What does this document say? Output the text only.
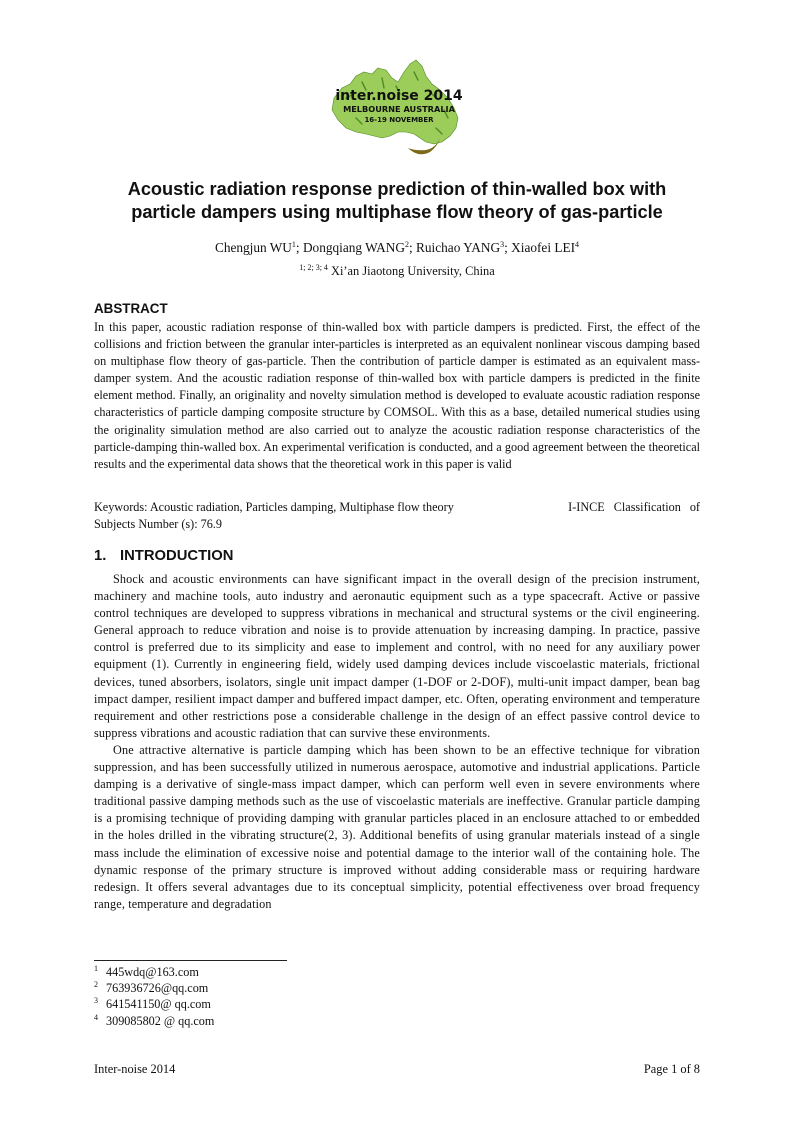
inter.noise 2014
MELBOURNE AUSTRALIA
16-19 NOVEMBER
Acoustic radiation response prediction of thin-walled box with particle dampers using multiphase flow theory of gas-particle
Chengjun $WU^1$; Dongqiang WANG$^2$; Ruichao YANG$^3$; Xiaofei LEI$^4$
$^{1; 2; 3; 4}$ Xi’an Jiaotong University, China
ABSTRACT

In this paper, acoustic radiation response of thin-walled box with particle dampers is predicted. First, the effect of the collisions and friction between the granular inter-particles is interpreted as an equivalent nonlinear viscous damping based on multiphase flow theory of gas-particle. Then the contribution of particle damper is estimated as an equivalent mass-damper system. And the acoustic radiation response of thin-walled box with particle dampers is predicted in the finite element method. Finally, an originality and novelty simulation method is developed to evaluate acoustic radiation response characteristics of particle damping composite structure by COMSOL. With this as a base, detailed numerical studies using the originality simulation method are also carried out to analyze the acoustic radiation response characteristics of the particle-damping thin-walled box. An experimental verification is conducted, and a good agreement between the theoretical results and the experimental data shows that the theoretical work in this paper is valid

Keywords: Acoustic radiation, Particles damping, Multiphase flow theory	I-INCE Classification of
Subjects Number (s): 76.9
1. INTRODUCTION

Shock and acoustic environments can have significant impact in the overall design of the precision instrument, machinery and machine tools, auto industry and aeronautic equipment such as a type spacecraft. Active or passive control techniques are developed to suppress vibrations in mechanical and structural systems or the civil engineering. General approach to reduce vibration and noise is to provide attenuation by increasing damping. In practice, passive control is preferred due to its simplicity and ease to implement and control, with no need for any auxiliary power equipment (1). Currently in engineering field, widely used damping devices include viscoelastic materials, frictional devices, tuned absorbers, isolators, single unit impact damper (1-DOF or 2-DOF), multi-unit impact damper, bean bag impact damper, resilient impact damper and buffered impact damper, etc. Often, operating environment and temperature requirement and other restrictions pose a considerable challenge in the design of an effect passive control device to suppress vibrations and acoustic radiation that can survive these environments.

One attractive alternative is particle damping which has been shown to be an effective technique for vibration suppression, and has been successfully utilized in numerous aerospace, automotive and industrial applications. Particle damping is a derivative of single-mass impact damper, which can perform well even in severe environments where traditional passive damping methods such as the use of viscoelastic materials are ineffective. Granular particle damping is a promising technique of providing damping with granular particles placed in an enclosure attached to or embedded in the holes drilled in the vibrating structure(2, 3). Additional benefits of using granular materials instead of a single mass include the elimination of excessive noise and potential damage to the interior wall of the containing hole. The dynamic response of the primary structure is improved without adding considerable mass or requiring hardware redesign. It offers several advantages due to its conceptual simplicity, potential effectiveness over broad frequency range, temperature and degradation

1 445wdq@163.com
2 763936726@qq.com
3 641541150@ qq.com
4 309085802 @ qq.com
Inter-noise 2014	Page 1 of 8
